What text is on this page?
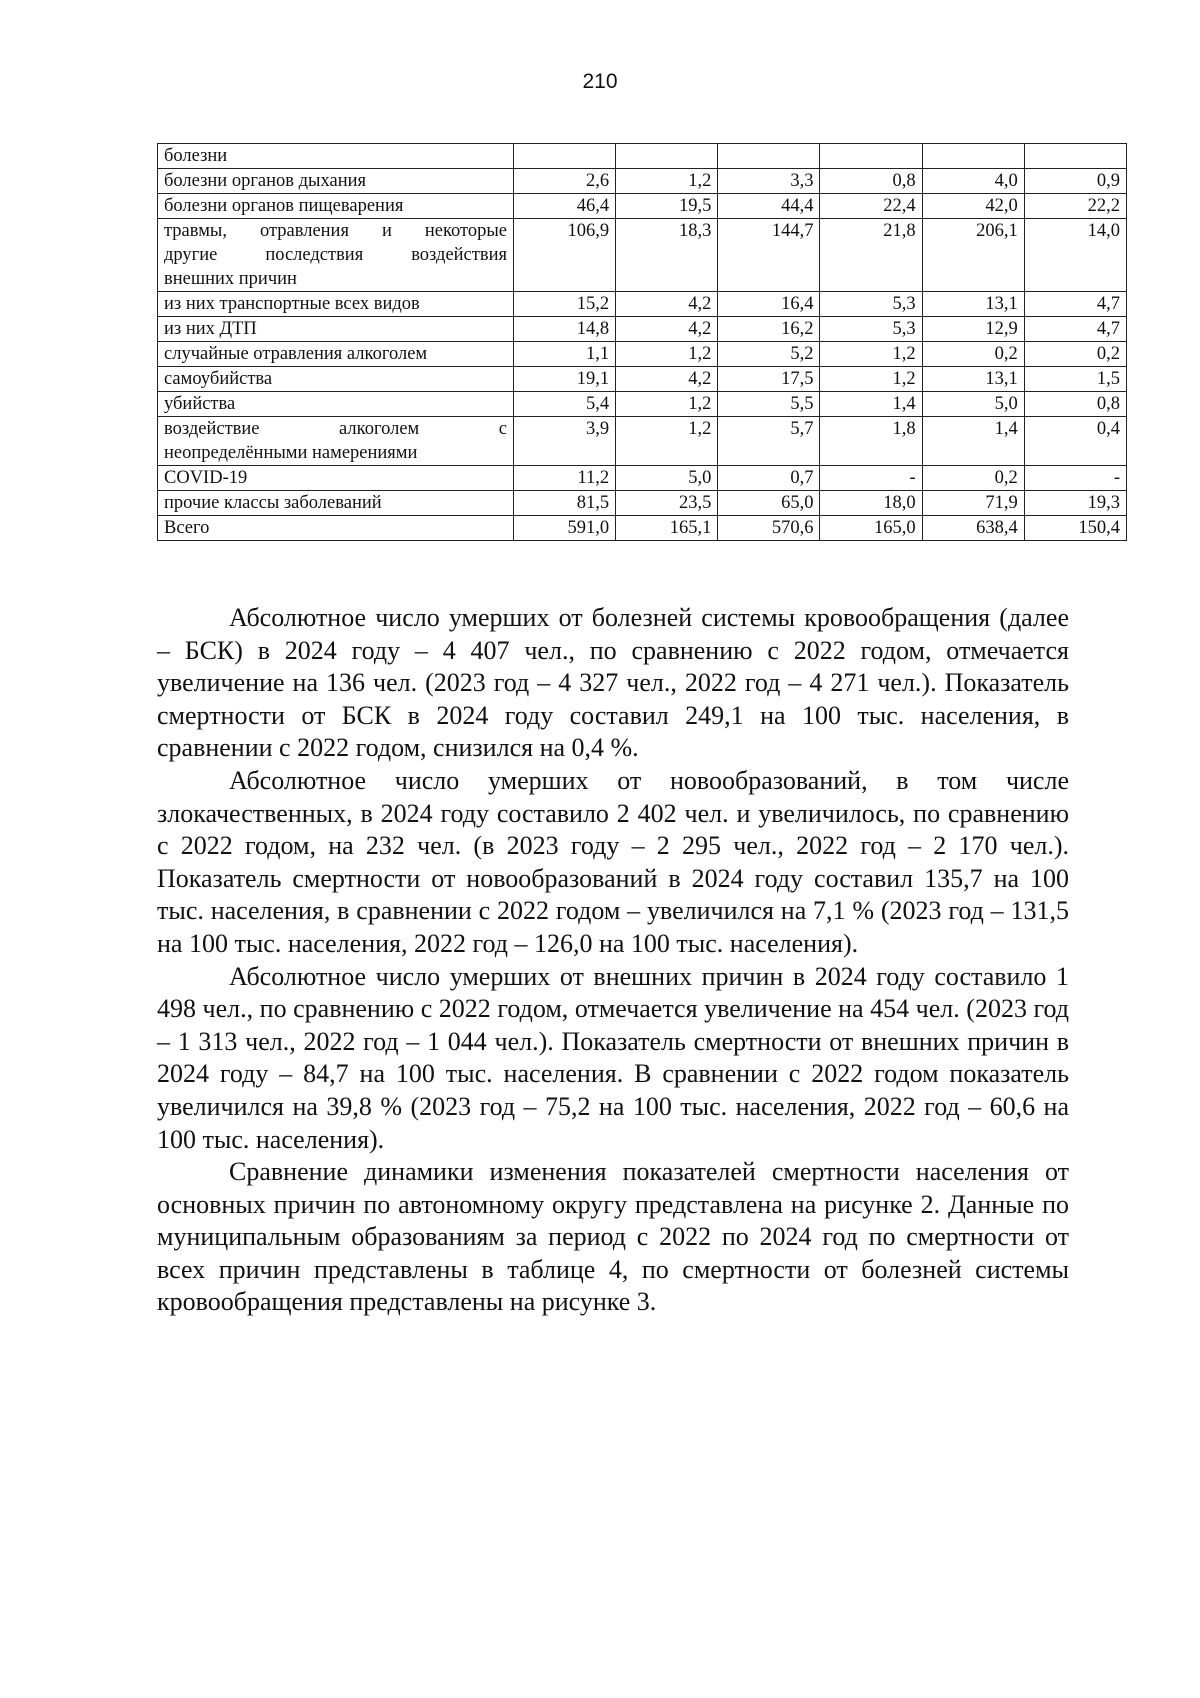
210
болезни						

болезни органов дыхания	2,6	1,2	3,3	0,8	4,0	0,9

болезни органов пищеварения	46,4	19,5	44,4	22,4	42,0	22,2

травмы, отравления и некоторые
другие последствия воздействия
внешних причин	106,9	18,3	144,7	21,8	206,1	14,0

из них транспортные всех видов	15,2	4,2	16,4	5,3	13,1	4,7

из них ДТП	14,8	4,2	16,2	5,3	12,9	4,7

случайные отравления алкоголем	1,1	1,2	5,2	1,2	0,2	0,2

самоубийства	19,1	4,2	17,5	1,2	13,1	1,5

убийства	5,4	1,2	5,5	1,4	5,0	0,8

воздействие алкоголем с
неопределёнными намерениями	3,9	1,2	5,7	1,8	1,4	0,4

COVID-19	11,2	5,0	0,7	-	0,2	-

прочие классы заболеваний	81,5	23,5	65,0	18,0	71,9	19,3

Всего	591,0	165,1	570,6	165,0	638,4	150,4

Абсолютное число умерших от болезней системы кровообращения (далее – БСК) в 2024 году – 4 407 чел., по сравнению с 2022 годом, отмечается увеличение на 136 чел. (2023 год – 4 327 чел., 2022 год – 4 271 чел.). Показатель смертности от БСК в 2024 году составил 249,1 на 100 тыс. населения, в сравнении с 2022 годом, снизился на 0,4 %.

Абсолютное число умерших от новообразований, в том числе злокачественных, в 2024 году составило 2 402 чел. и увеличилось, по сравнению с 2022 годом, на 232 чел. (в 2023 году – 2 295 чел., 2022 год – 2 170 чел.). Показатель смертности от новообразований в 2024 году составил 135,7 на 100 тыс. населения, в сравнении с 2022 годом – увеличился на 7,1 % (2023 год – 131,5 на 100 тыс. населения, 2022 год – 126,0 на 100 тыс. населения).

Абсолютное число умерших от внешних причин в 2024 году составило 1 498 чел., по сравнению с 2022 годом, отмечается увеличение на 454 чел. (2023 год – 1 313 чел., 2022 год – 1 044 чел.). Показатель смертности от внешних причин в 2024 году – 84,7 на 100 тыс. населения. В сравнении с 2022 годом показатель увеличился на 39,8 % (2023 год – 75,2 на 100 тыс. населения, 2022 год – 60,6 на 100 тыс. населения).

Сравнение динамики изменения показателей смертности населения от основных причин по автономному округу представлена на рисунке 2. Данные по муниципальным образованиям за период с 2022 по 2024 год по смертности от всех причин представлены в таблице 4, по смертности от болезней системы кровообращения представлены на рисунке 3.
